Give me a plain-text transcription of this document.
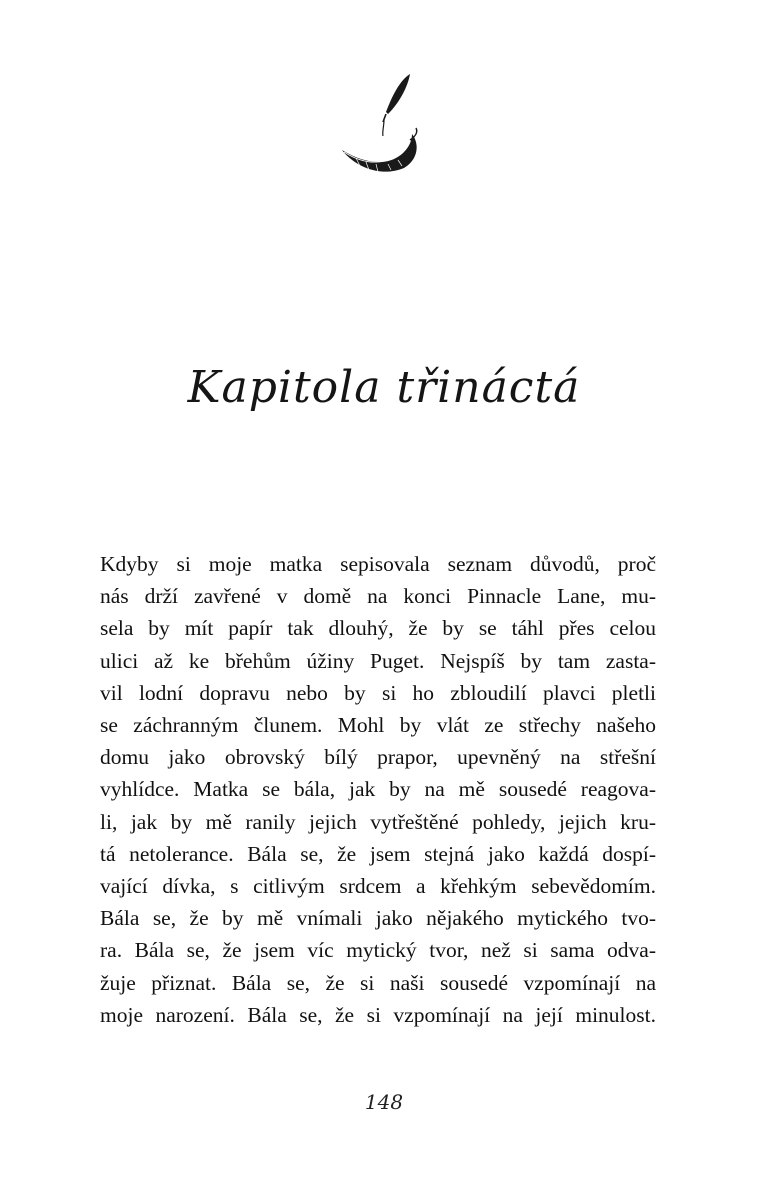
Kapitola třináctá

Kdyby si moje matka sepisovala seznam důvodů, proč
nás drží zavřené v domě na konci Pinnacle Lane, mu-
sela by mít papír tak dlouhý, že by se táhl přes celou
ulici až ke břehům úžiny Puget. Nejspíš by tam zasta-
vil lodní dopravu nebo by si ho zbloudilí plavci pletli
se záchranným člunem. Mohl by vlát ze střechy našeho
domu jako obrovský bílý prapor, upevněný na střešní
vyhlídce. Matka se bála, jak by na mě sousedé reagova-
li, jak by mě ranily jejich vytřeštěné pohledy, jejich kru-
tá netolerance. Bála se, že jsem stejná jako každá dospí-
vající dívka, s citlivým srdcem a křehkým sebevědomím.
Bála se, že by mě vnímali jako nějakého mytického tvo-
ra. Bála se, že jsem víc mytický tvor, než si sama odva-
žuje přiznat. Bála se, že si naši sousedé vzpomínají na
moje narození. Bála se, že si vzpomínají na její minulost.

148
